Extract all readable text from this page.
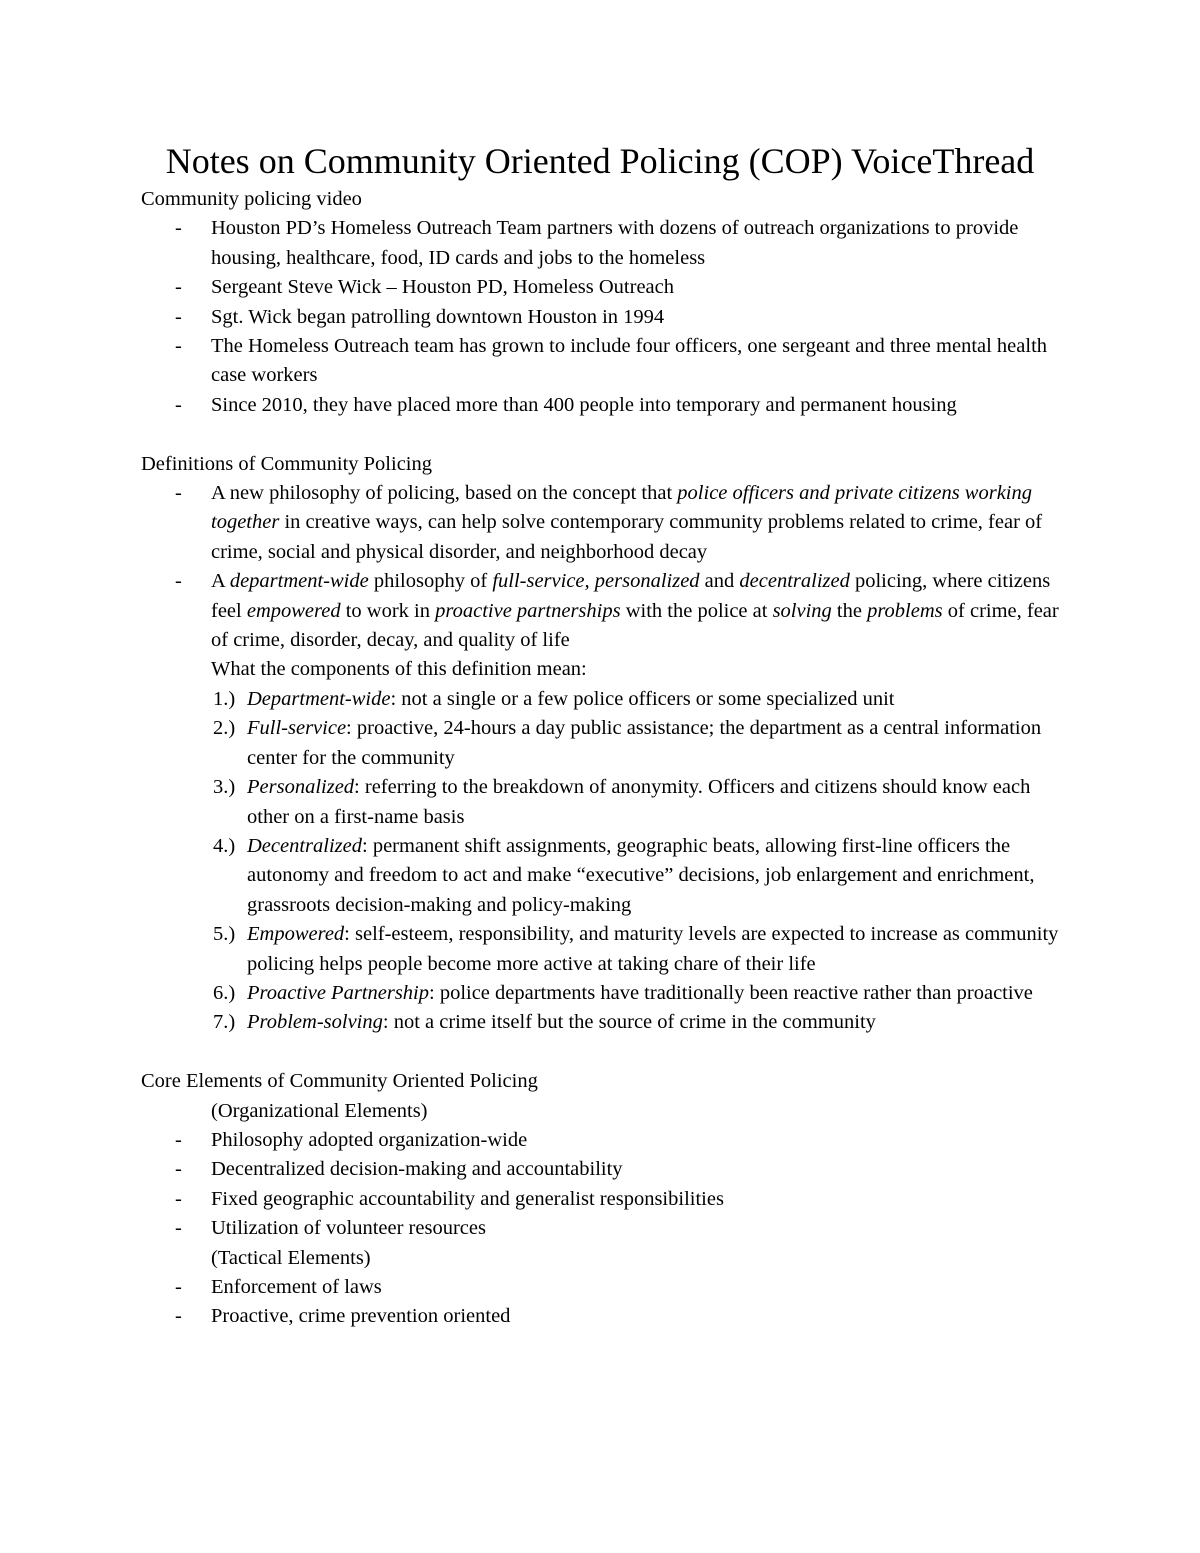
Notes on Community Oriented Policing (COP) VoiceThread
Community policing video
- Houston PD’s Homeless Outreach Team partners with dozens of outreach organizations to provide housing, healthcare, food, ID cards and jobs to the homeless
- Sergeant Steve Wick – Houston PD, Homeless Outreach
- Sgt. Wick began patrolling downtown Houston in 1994
- The Homeless Outreach team has grown to include four officers, one sergeant and three mental health case workers
- Since 2010, they have placed more than 400 people into temporary and permanent housing
Definitions of Community Policing
- A new philosophy of policing, based on the concept that police officers and private citizens working together in creative ways, can help solve contemporary community problems related to crime, fear of crime, social and physical disorder, and neighborhood decay
- A department-wide philosophy of full-service, personalized and decentralized policing, where citizens feel empowered to work in proactive partnerships with the police at solving the problems of crime, fear of crime, disorder, decay, and quality of life
What the components of this definition mean:
1.) Department-wide: not a single or a few police officers or some specialized unit
2.) Full-service: proactive, 24-hours a day public assistance; the department as a central information center for the community
3.) Personalized: referring to the breakdown of anonymity. Officers and citizens should know each other on a first-name basis
4.) Decentralized: permanent shift assignments, geographic beats, allowing first-line officers the autonomy and freedom to act and make “executive” decisions, job enlargement and enrichment, grassroots decision-making and policy-making
5.) Empowered: self-esteem, responsibility, and maturity levels are expected to increase as community policing helps people become more active at taking chare of their life
6.) Proactive Partnership: police departments have traditionally been reactive rather than proactive
7.) Problem-solving: not a crime itself but the source of crime in the community
Core Elements of Community Oriented Policing
(Organizational Elements)
- Philosophy adopted organization-wide
- Decentralized decision-making and accountability
- Fixed geographic accountability and generalist responsibilities
- Utilization of volunteer resources
(Tactical Elements)
- Enforcement of laws
- Proactive, crime prevention oriented
